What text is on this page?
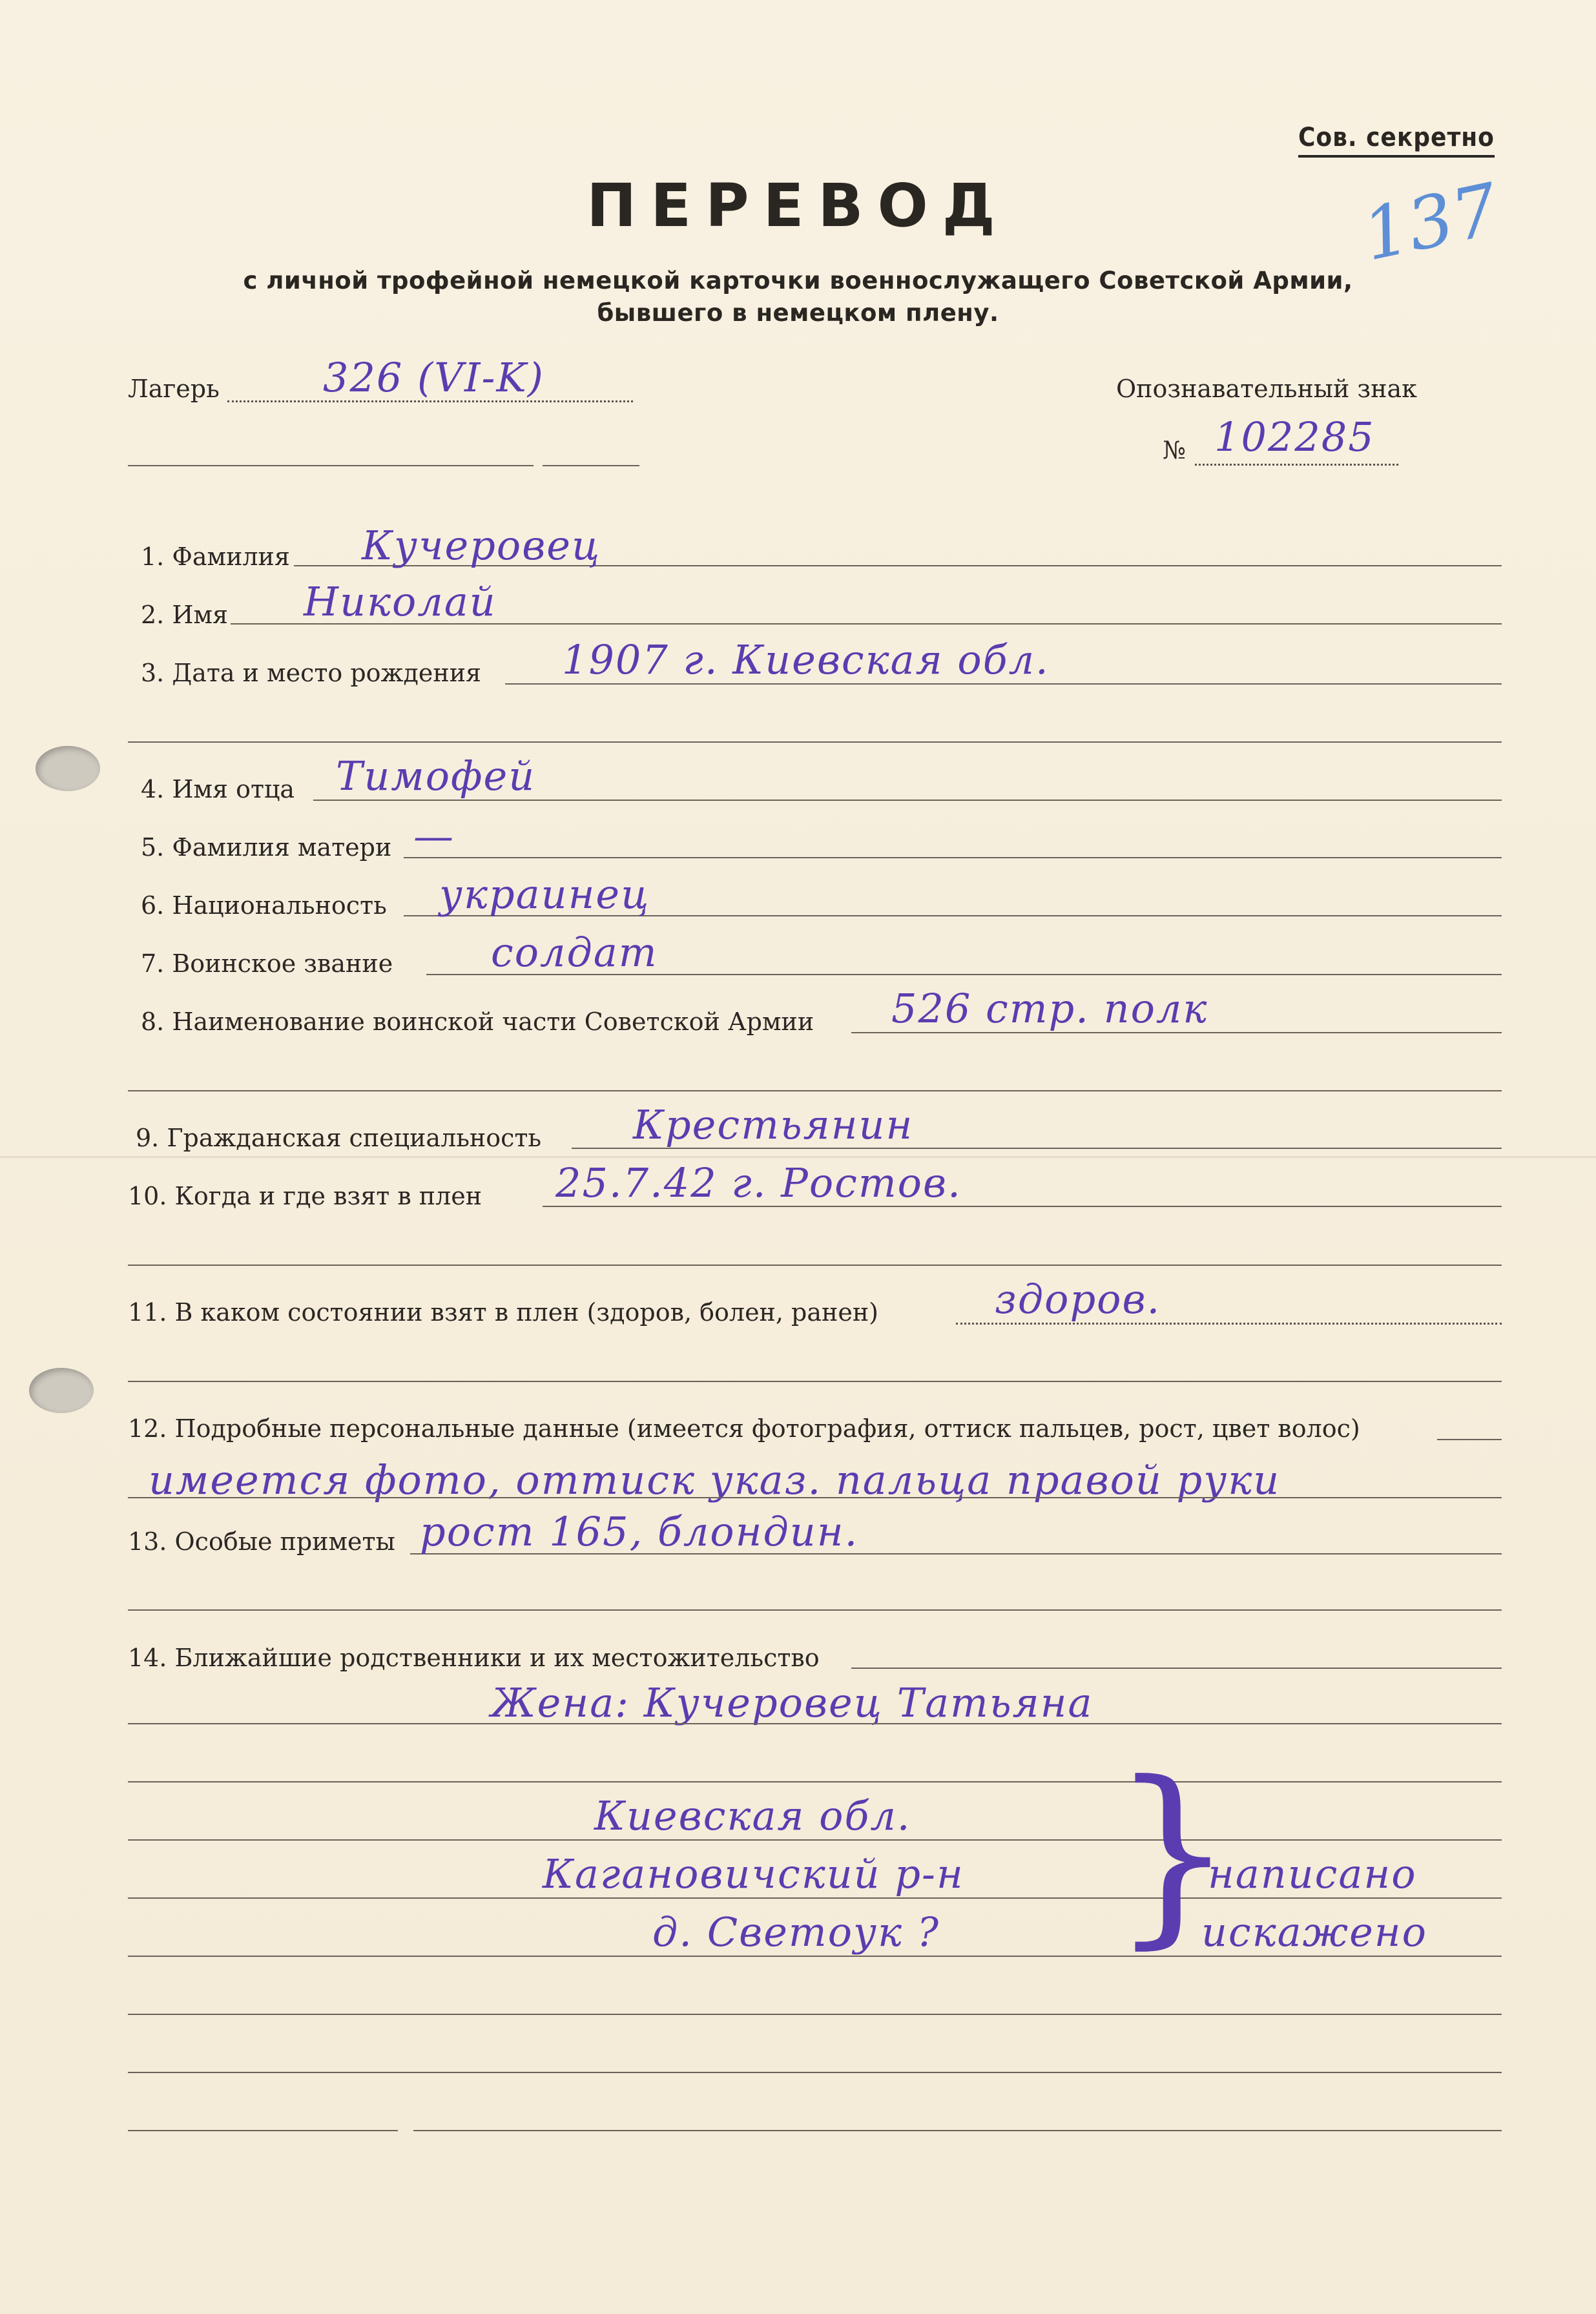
Сов. секретно
137
ПЕРЕВОД
с личной трофейной немецкой карточки военнослужащего Советской Армии,
бывшего в немецком плену.
Лагерь	326 (VI-K)	Опознавательный знак
№ 102285
1. Фамилия Кучеровец
2. Имя Николай
3. Дата и место рождения 1907 г. Киевская обл.
4. Имя отца Тимофей
5. Фамилия матери —
6. Национальность украинец
7. Воинское звание солдат
8. Наименование воинской части Советской Армии 526 стр. полк
9. Гражданская специальность Крестьянин
10. Когда и где взят в плен 25.7.42 г. Ростов.
11. В каком состоянии взят в плен (здоров, болен, ранен)	здоров.
12. Подробные персональные данные (имеется фотография, оттиск пальцев, рост, цвет волос)
имеется фото, оттиск указ. пальца правой руки
13. Особые приметы рост 165, блондин.
14. Ближайшие родственники и их местожительство
Жена: Кучеровец Татьяна
Киевская обл.
Кагановичский р-н
д. Светоук ? }
написано
искажено
